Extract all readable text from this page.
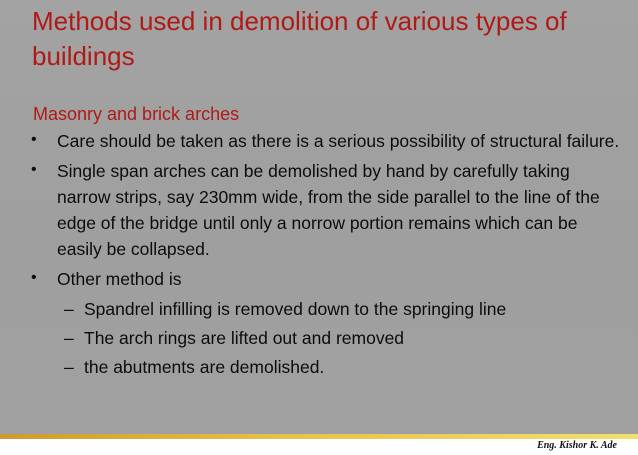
Methods used in demolition of various types of buildings
Masonry and brick arches
• Care should be taken as there is a serious possibility of structural failure.
• Single span arches can be demolished by hand by carefully taking narrow strips, say 230mm wide, from the side parallel to the line of the edge of the bridge until only a norrow portion remains which can be easily be collapsed.
• Other method is
– Spandrel infilling is removed down to the springing line
– The arch rings are lifted out and removed
– the abutments are demolished.
Eng. Kishor K. Ade
